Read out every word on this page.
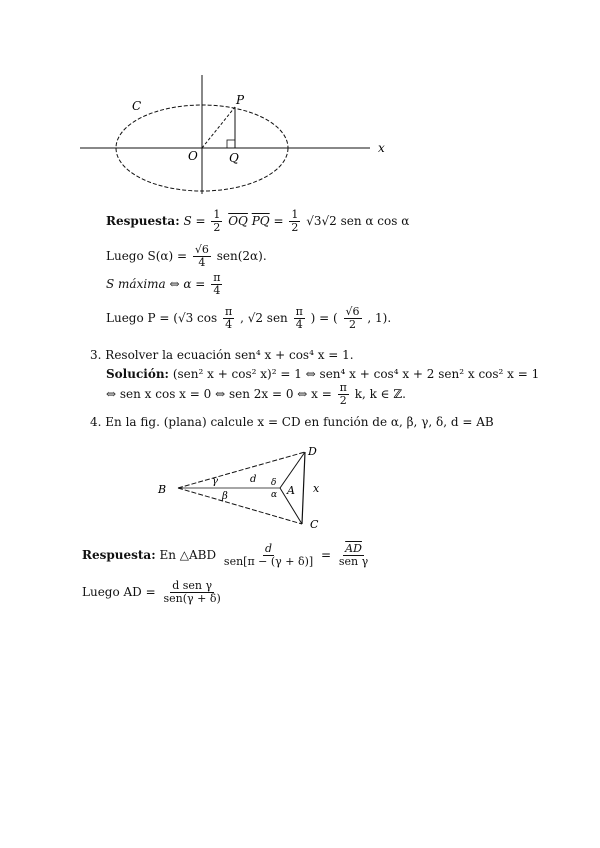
C	P
O	Q
x
Respuesta: $S = \frac{1}{2} \overline{OQ}$ $\overline{PQ} = \frac{1}{2} √3√2$ sen α cos α
Luego $S(\alpha) = \frac{√6}{4} sen(2\alpha)$.
S máxima ⇔ $\alpha = \frac{\pi}{4}$
Luego P = (√3 $\cos \frac{\pi}{4}$ , √2 sen $\frac{\pi}{4}$ ) = ( $\frac{√6}{2}$ , 1).
3. Resolver la ecuación sen⁴ x + cos⁴ x = 1.
Solución: (sen² x + cos² x)² = 1 ⇔ sen⁴ x + cos⁴ x + 2 sen² x cos² x = 1
⇔ sen x cos x = 0 ⇔ sen 2x = 0 ⇔ $x = \frac{\pi}{2} k$, k ∈ ℤ.
4. En la fig. (plana) calcule x = CD en función de α, β, γ, δ, d = AB
B
D
C
A x
d
γ
β
δ
α
Respuesta: En △ABD $\frac{d}{\text{sen[π − (γ + δ)]}} = \frac{\overline{AD}}{\text{sen γ}}$
Luego AD = $\frac{\text{d sen γ}}{\text{sen(γ + δ)}}$
